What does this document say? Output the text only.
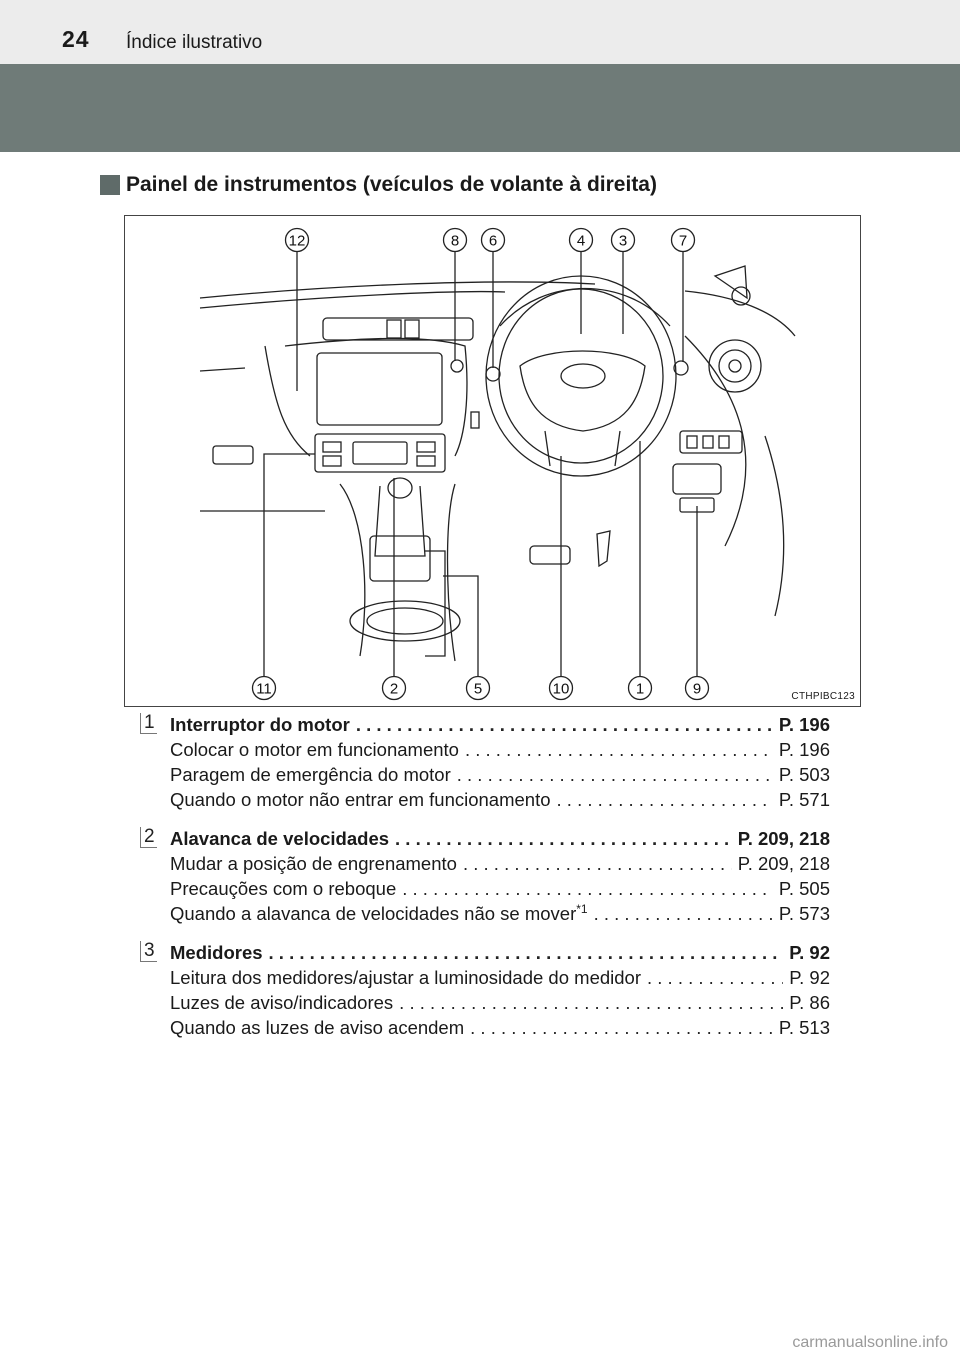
24 Índice ilustrativo
Painel de instrumentos (veículos de volante à direita)
12	8 6	4 3	7
11	2	5	10	1	9	CTHPIBC123
1 Interruptor do motor . . .	P. 196
Colocar o motor em funcionamento . . .	P. 196
Paragem de emergência do motor . . .	P. 503
Quando o motor não entrar em funcionamento . . .	P. 571
2 Alavanca de velocidades . . .	P. 209, 218
Mudar a posição de engrenamento . . .	P. 209, 218
Precauções com o reboque . . .	P. 505
Quando a alavanca de velocidades não se mover$^{*1}$ . . .	P. 573
3 Medidores . . .	P. 92
Leitura dos medidores/ajustar a luminosidade do medidor . . .	P. 92
Luzes de aviso/indicadores . . .	P. 86
Quando as luzes de aviso acendem . . .	P. 513
carmanualsonline.info
